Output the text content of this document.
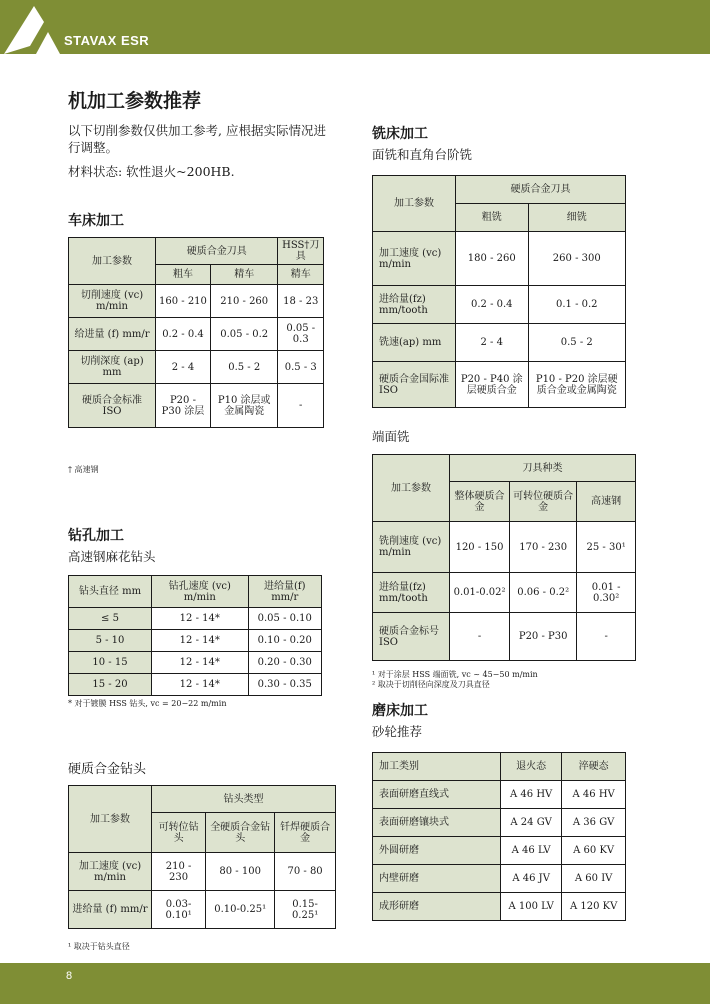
STAVAX ESR
机加工参数推荐
以下切削参数仅供加工参考, 应根据实际情况进行调整。
材料状态: 软性退火~200HB.
车床加工
加工参数	硬质合金刀具		HSS†刀具
	粗车	精车	精车
切削速度 (vc) m/min	160 - 210	210 - 260	18 - 23
给进量 (f) mm/r	0.2 - 0.4	0.05 - 0.2	0.05 - 0.3
切削深度 (ap) mm	2 - 4	0.5 - 2	0.5 - 3
硬质合金标准 ISO	P20 - P30 涂层	P10 涂层或金属陶瓷	-
† 高速钢
钻孔加工
高速钢麻花钻头
钻头直径 mm	钻孔速度 (vc) m/min	进给量(f) mm/r
≤ 5	12 - 14*	0.05 - 0.10
5 - 10	12 - 14*	0.10 - 0.20
10 - 15	12 - 14*	0.20 - 0.30
15 - 20	12 - 14*	0.30 - 0.35
* 对于镀膜 HSS 钻头, vc = 20−22 m/min
硬质合金钻头
加工参数	钻头类型		
	可转位钻头	全硬质合金钻头	钎焊硬质合金
加工速度 (vc) m/min	210 - 230	80 - 100	70 - 80
进给量 (f) mm/r	0.03-0.10¹	0.10-0.25¹	0.15- 0.25¹
¹ 取决于钻头直径
铣床加工
面铣和直角台阶铣
加工参数	硬质合金刀具	
	粗铣	细铣
加工速度 (vc) m/min	180 - 260	260 - 300
进给量(fz) mm/tooth	0.2 - 0.4	0.1 - 0.2
铣速(ap) mm	2 - 4	0.5 - 2
硬质合金国际准 ISO	P20 - P40 涂层硬质合金	P10 - P20 涂层硬质合金或金属陶瓷
端面铣
加工参数	刀具种类		
	整体硬质合金	可转位硬质合金	高速钢
铣削速度 (vc) m/min	120 - 150	170 - 230	25 - 30¹
进给量(fz) mm/tooth	0.01-0.02²	0.06 - 0.2²	0.01 - 0.30²
硬质合金标号 ISO	-	P20 - P30	-
¹ 对于涂层 HSS 端面铣, vc ~ 45−50 m/min
² 取决于切削径向深度及刀具直径
磨床加工
砂轮推荐
加工类别	退火态	淬硬态
表面研磨直线式	A 46 HV	A 46 HV
表面研磨镶块式	A 24 GV	A 36 GV
外圆研磨	A 46 LV	A 60 KV
内壁研磨	A 46 JV	A 60 IV
成形研磨	A 100 LV	A 120 KV
8
